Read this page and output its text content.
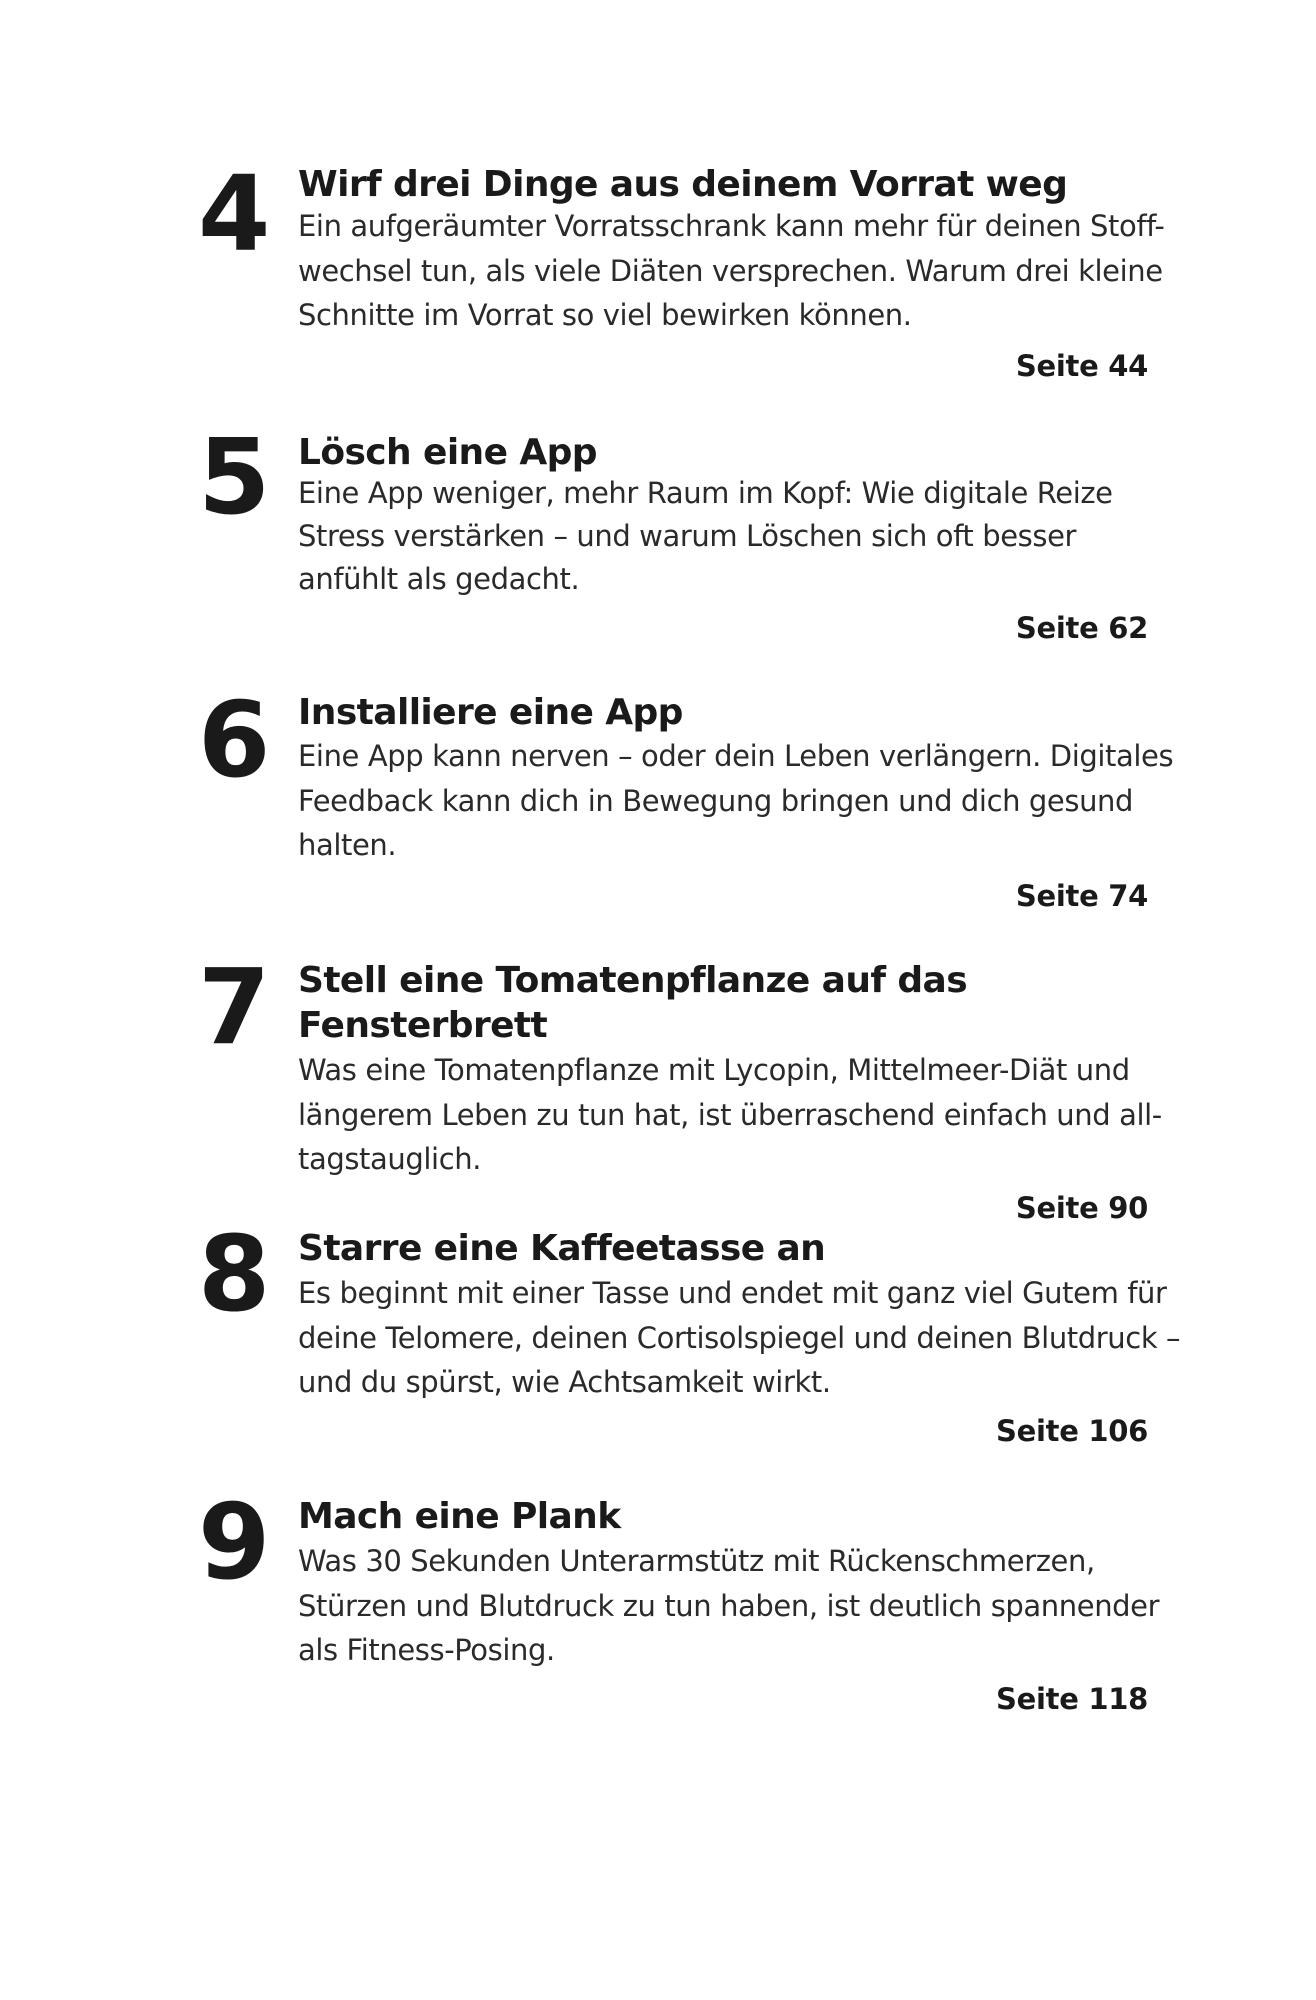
4 Wirf drei Dinge aus deinem Vorrat weg

Ein aufgeräumter Vorratsschrank kann mehr für deinen Stoff-
wechsel tun, als viele Diäten versprechen. Warum drei kleine
Schnitte im Vorrat so viel bewirken können.

Seite 44
5 Lösch eine App

Eine App weniger, mehr Raum im Kopf: Wie digitale Reize
Stress verstärken – und warum Löschen sich oft besser
anfühlt als gedacht.

Seite 62
6 Installiere eine App

Eine App kann nerven – oder dein Leben verlängern. Digitales
Feedback kann dich in Bewegung bringen und dich gesund
halten.

Seite 74
7 Stell eine Tomatenpflanze auf das
Fensterbrett

Was eine Tomatenpflanze mit Lycopin, Mittelmeer-Diät und
längerem Leben zu tun hat, ist überraschend einfach und all-
tagstauglich.

Seite 90
8 Starre eine Kaffeetasse an

Es beginnt mit einer Tasse und endet mit ganz viel Gutem für
deine Telomere, deinen Cortisolspiegel und deinen Blutdruck –
und du spürst, wie Achtsamkeit wirkt.

Seite 106
9 Mach eine Plank

Was 30 Sekunden Unterarmstütz mit Rückenschmerzen,
Stürzen und Blutdruck zu tun haben, ist deutlich spannender
als Fitness-Posing.

Seite 118
